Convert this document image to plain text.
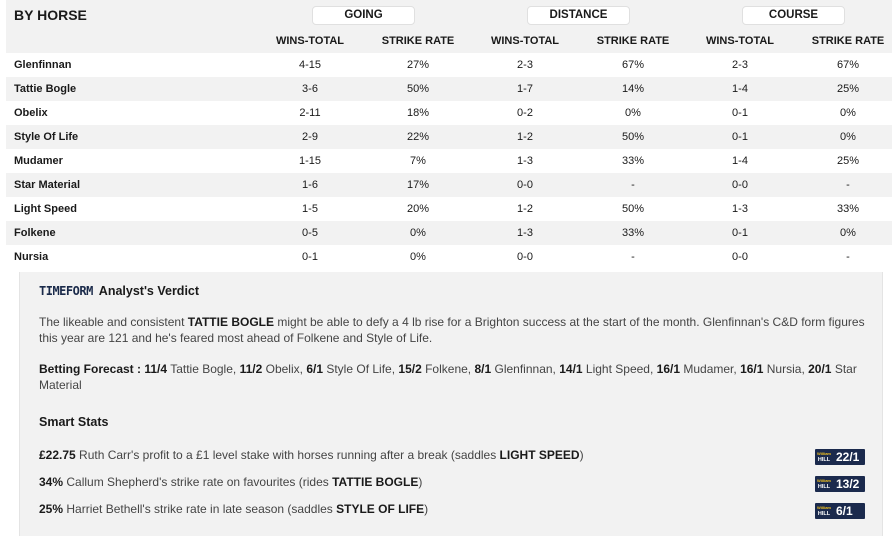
BY HORSE	GOING	DISTANCE	COURSE
WINS-TOTAL	STRIKE RATE	WINS-TOTAL	STRIKE RATE	WINS-TOTAL	STRIKE RATE
Glenfinnan	4-15	27%	2-3	67%	2-3	67%
Tattie Bogle	3-6	50%	1-7	14%	1-4	25%
Obelix	2-11	18%	0-2	0%	0-1	0%
Style Of Life	2-9	22%	1-2	50%	0-1	0%
Mudamer	1-15	7%	1-3	33%	1-4	25%
Star Material	1-6	17%	0-0	-	0-0	-
Light Speed	1-5	20%	1-2	50%	1-3	33%
Folkene	0-5	0%	1-3	33%	0-1	0%
Nursia	0-1	0%	0-0	-	0-0	-
TIMEFORM Analyst's Verdict
The likeable and consistent TATTIE BOGLE might be able to defy a 4 lb rise for a Brighton success at the start of the month. Glenfinnan's C&D form figures this year are 121 and he's feared most ahead of Folkene and Style of Life.
Betting Forecast : 11/4 Tattie Bogle, 11/2 Obelix, 6/1 Style Of Life, 15/2 Folkene, 8/1 Glenfinnan, 14/1 Light Speed, 16/1 Mudamer, 16/1 Nursia, 20/1 Star Material
Smart Stats
£22.75 Ruth Carr's profit to a £1 level stake with horses running after a break (saddles LIGHT SPEED)	William
HILL 22/1
34% Callum Shepherd's strike rate on favourites (rides TATTIE BOGLE)	William
HILL 13/2
25% Harriet Bethell's strike rate in late season (saddles STYLE OF LIFE)	William
HILL 6/1
